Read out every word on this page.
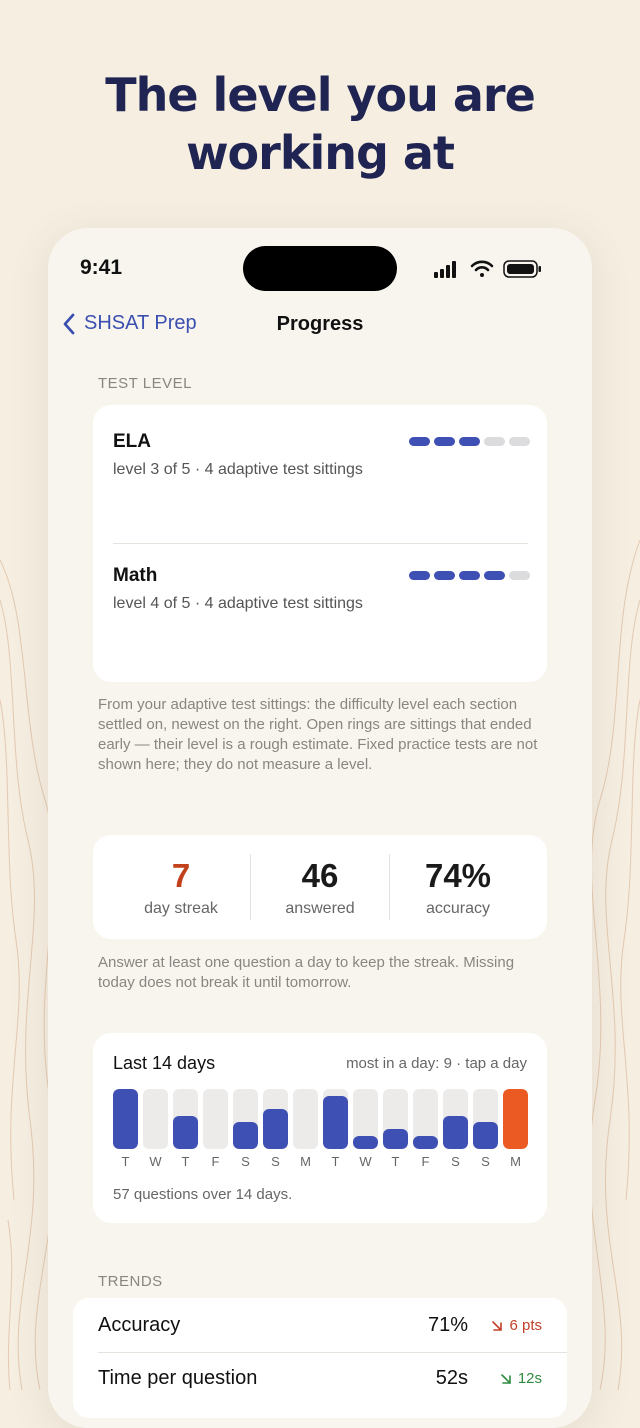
The level you are
working at
9:41
SHSAT Prep	Progress
TEST LEVEL
ELA
level 3 of 5 · 4 adaptive test sittings
Math
level 4 of 5 · 4 adaptive test sittings
From your adaptive test sittings: the difficulty level each section settled on, newest on the right. Open rings are sittings that ended early — their level is a rough estimate. Fixed practice tests are not shown here; they do not measure a level.
7
day streak
46
answered
74%
accuracy
Answer at least one question a day to keep the streak. Missing today does not break it until tomorrow.
Last 14 days	most in a day: 9 · tap a day
T	W	T	F	S	S	M	T	W	T	F	S	S	M
57 questions over 14 days.
TRENDS
Accuracy	71%	6 pts
Time per question	52s	12s
